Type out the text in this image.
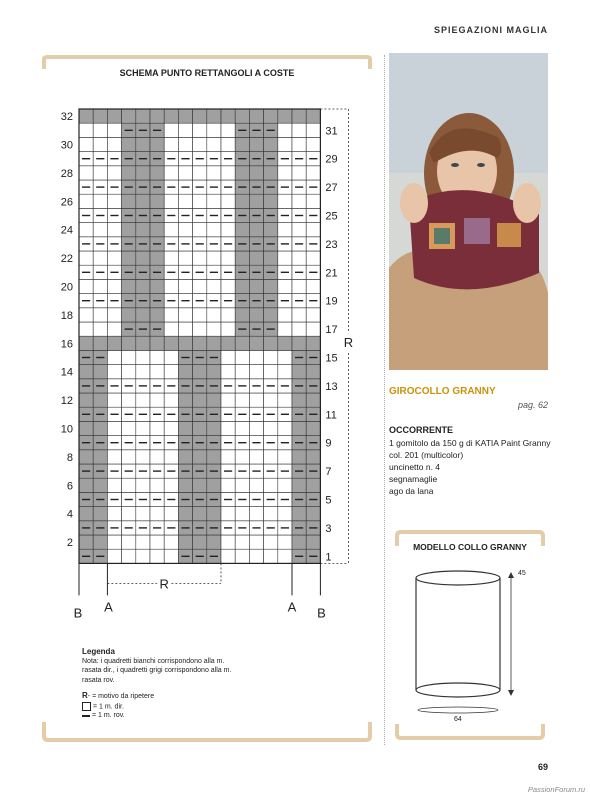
SPIEGAZIONI MAGLIA
SCHEMA PUNTO RETTANGOLI A COSTE
32
30
28
26
24
22
20
18
16
14
12
10
8
6
4
2
31
29
27
25
23
21
19
17
15
13
11
9
7
5
3
1
R
R
B A	A B
GIROCOLLO GRANNY
pag. 62
OCCORRENTE
1 gomitolo da 150 g di KATIA Paint Granny
col. 201 (multicolor)
uncinetto n. 4
segnamaglie
ago da lana
MODELLO COLLO GRANNY
45
64
Legenda
Nota: i quadretti bianchi corrispondono alla m.
rasata dir., i quadretti grigi corrispondono alla m.
rasata rov.
R- = motivo da ripetere
= 1 m. dir.
= 1 m. rov.
69
PassionForum.ru
